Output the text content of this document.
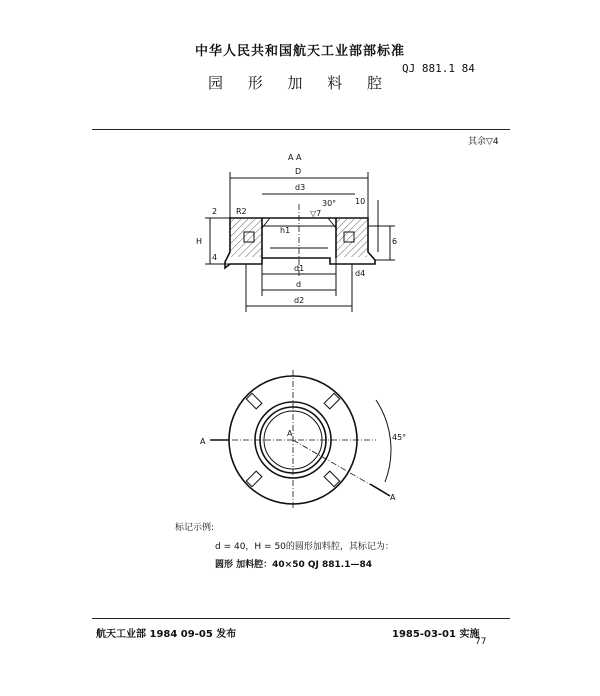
中华人民共和国航天工业部部标准
QJ 881.1 84
园 形 加 料 腔
其余▽4
A A
D
d3
30°
▽7
R2
h1
d1
d
d2
d4
H
2
4
10
6
A
A
A	45°
标记示例:
d = 40，H = 50的圆形加料腔，其标记为：
圆形 加料腔：40×50 QJ 881.1—84
航天工业部 1984 09-05 发布	1985-03-01 实施
77
